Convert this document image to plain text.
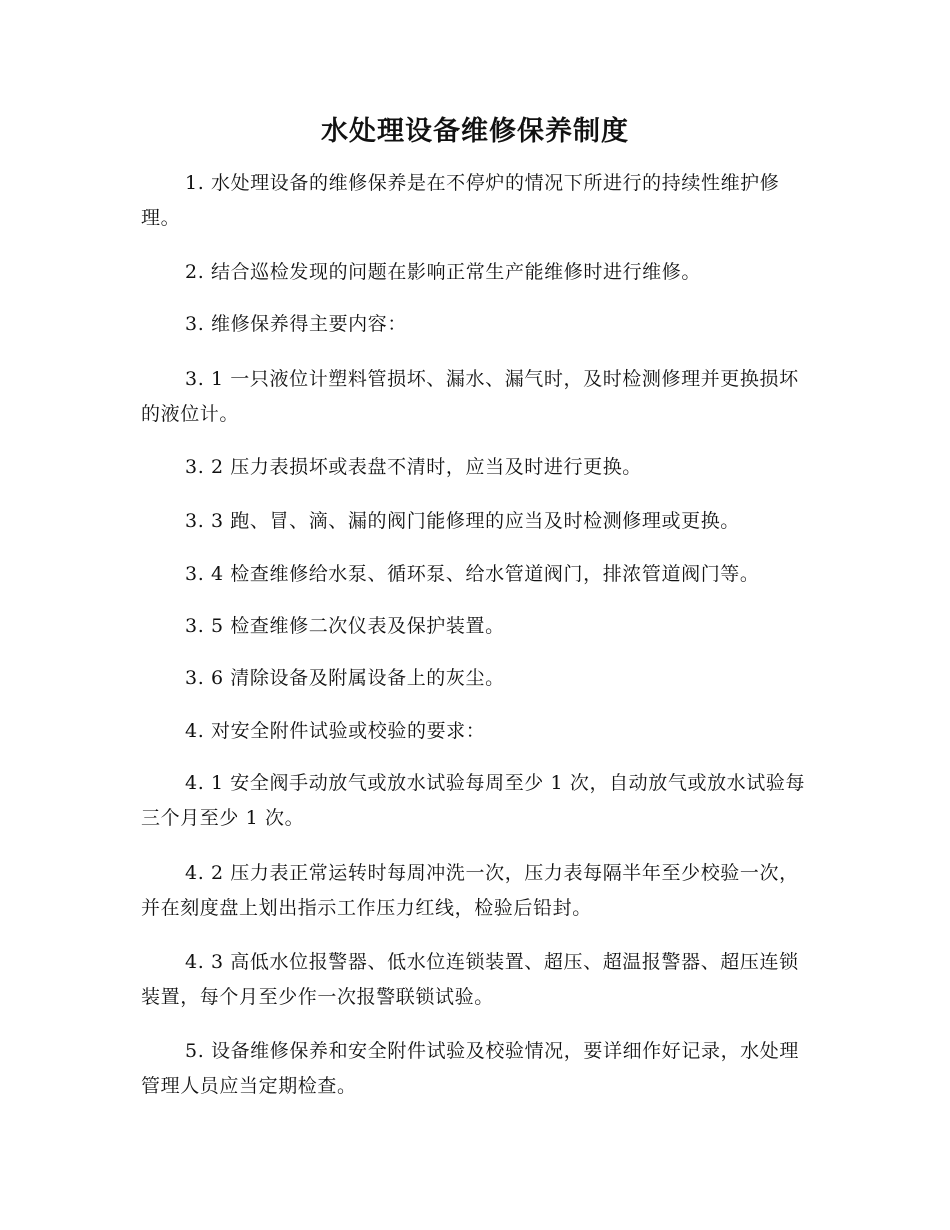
水处理设备维修保养制度

1. 水处理设备的维修保养是在不停炉的情况下所进行的持续性维护修理。

2. 结合巡检发现的问题在影响正常生产能维修时进行维修。

3. 维修保养得主要内容：

3. 1 一只液位计塑料管损坏、漏水、漏气时，及时检测修理并更换损坏的液位计。

3. 2 压力表损坏或表盘不清时，应当及时进行更换。

3. 3 跑、冒、滴、漏的阀门能修理的应当及时检测修理或更换。

3. 4 检查维修给水泵、循环泵、给水管道阀门，排浓管道阀门等。

3. 5 检查维修二次仪表及保护装置。

3. 6 清除设备及附属设备上的灰尘。

4. 对安全附件试验或校验的要求：

4. 1 安全阀手动放气或放水试验每周至少 1 次，自动放气或放水试验每三个月至少 1 次。

4. 2 压力表正常运转时每周冲洗一次，压力表每隔半年至少校验一次，并在刻度盘上划出指示工作压力红线，检验后铅封。

4. 3 高低水位报警器、低水位连锁装置、超压、超温报警器、超压连锁装置，每个月至少作一次报警联锁试验。

5. 设备维修保养和安全附件试验及校验情况，要详细作好记录，水处理管理人员应当定期检查。
